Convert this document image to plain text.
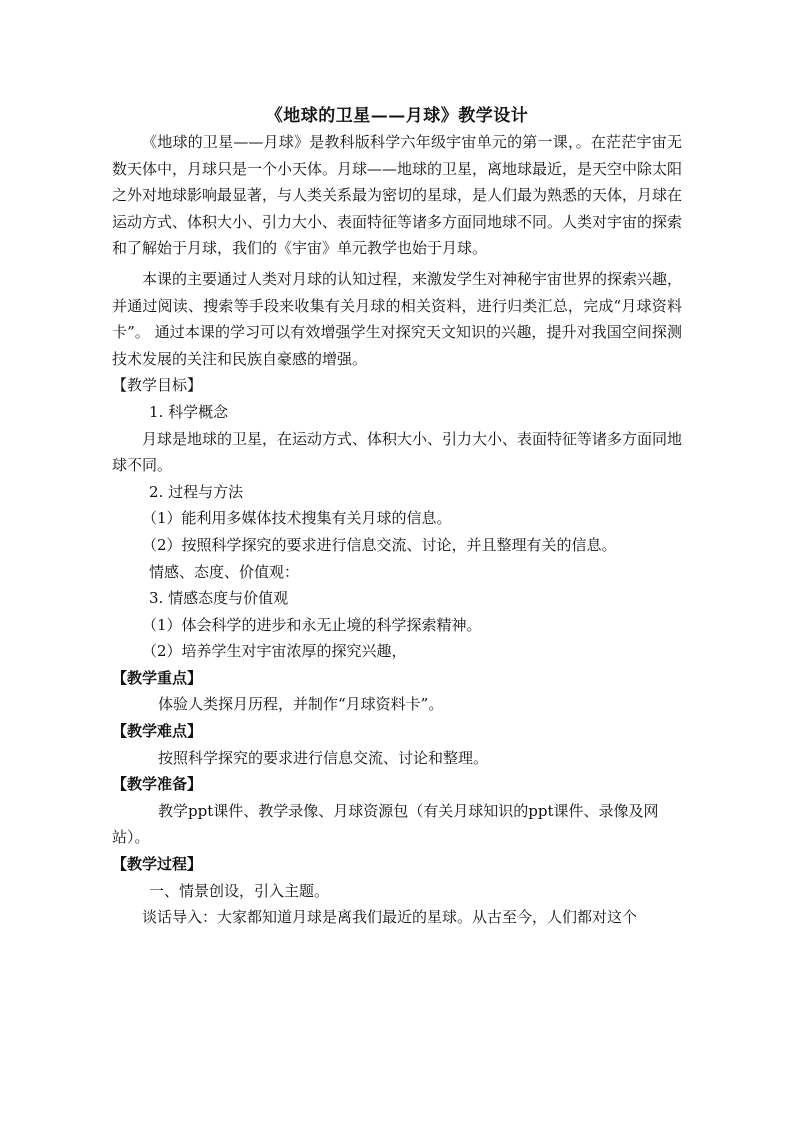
《地球的卫星——月球》教学设计

《地球的卫星——月球》是教科版科学六年级宇宙单元的第一课，。在茫茫宇宙无数天体中，月球只是一个小天体。月球——地球的卫星，离地球最近，是天空中除太阳之外对地球影响最显著，与人类关系最为密切的星球，是人们最为熟悉的天体，月球在运动方式、体积大小、引力大小、表面特征等诸多方面同地球不同。人类对宇宙的探索和了解始于月球，我们的《宇宙》单元教学也始于月球。

本课的主要通过人类对月球的认知过程，来激发学生对神秘宇宙世界的探索兴趣，并通过阅读、搜索等手段来收集有关月球的相关资料，进行归类汇总，完成“月球资料卡”。 通过本课的学习可以有效增强学生对探究天文知识的兴趣，提升对我国空间探测技术发展的关注和民族自豪感的增强。

【教学目标】

1. 科学概念

月球是地球的卫星，在运动方式、体积大小、引力大小、表面特征等诸多方面同地球不同。

2. 过程与方法

（1）能利用多媒体技术搜集有关月球的信息。

（2）按照科学探究的要求进行信息交流、讨论，并且整理有关的信息。

情感、态度、价值观：

3. 情感态度与价值观

（1）体会科学的进步和永无止境的科学探索精神。

（2）培养学生对宇宙浓厚的探究兴趣，

【教学重点】

体验人类探月历程，并制作“月球资料卡”。

【教学难点】

按照科学探究的要求进行信息交流、讨论和整理。

【教学准备】

教学ppt课件、教学录像、月球资源包（有关月球知识的ppt课件、录像及网站）。

【教学过程】

一、情景创设，引入主题。

谈话导入：大家都知道月球是离我们最近的星球。从古至今，人们都对这个
